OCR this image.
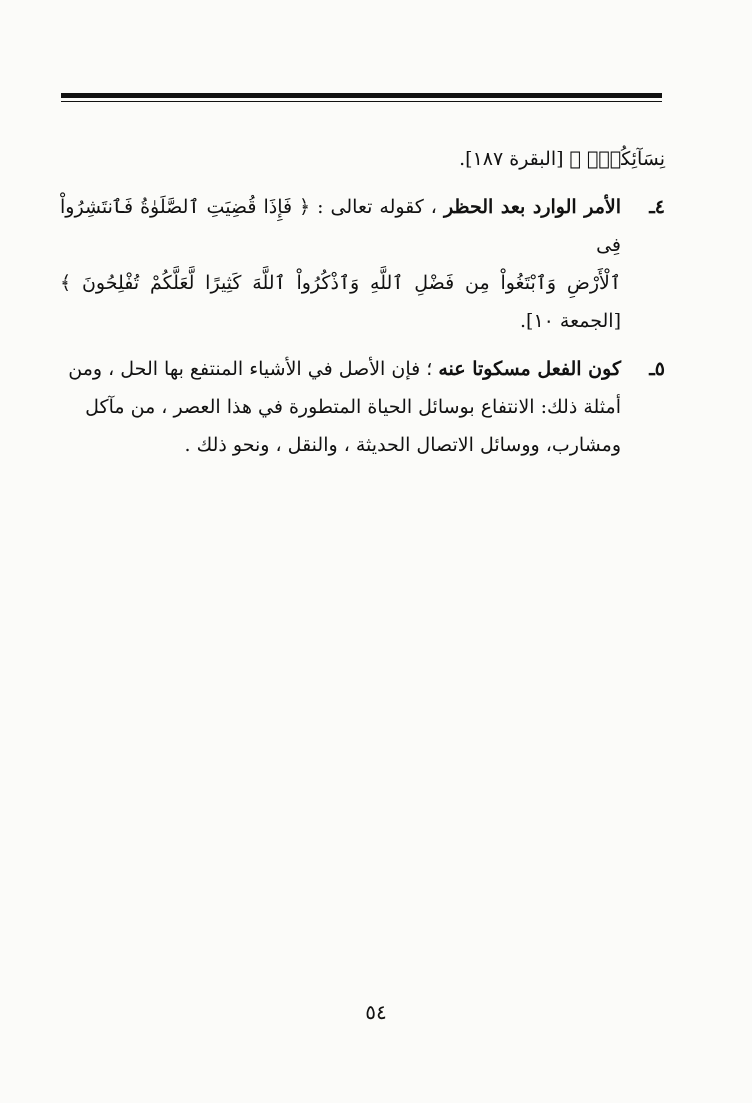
نِسَآئِكُمْۚ ﴾ [البقرة ١٨٧].

٤ـ

الأمر الوارد بعد الحظر ، كقوله تعالى : ﴿ فَإِذَا قُضِيَتِ ٱلصَّلَوٰةُ فَٱنتَشِرُواْ فِى

ٱلْأَرْضِ وَٱبْتَغُواْ مِن فَضْلِ ٱللَّهِ وَٱذْكُرُواْ ٱللَّهَ كَثِيرًا لَّعَلَّكُمْ تُفْلِحُونَ ﴾ [الجمعة ١٠].

٥ـ

كون الفعل مسكوتا عنه ؛ فإن الأصل في الأشياء المنتفع بها الحل ، ومن

أمثلة ذلك: الانتفاع بوسائل الحياة المتطورة في هذا العصر ، من مآكل

ومشارب، ووسائل الاتصال الحديثة ، والنقل ، ونحو ذلك .

٥٤
